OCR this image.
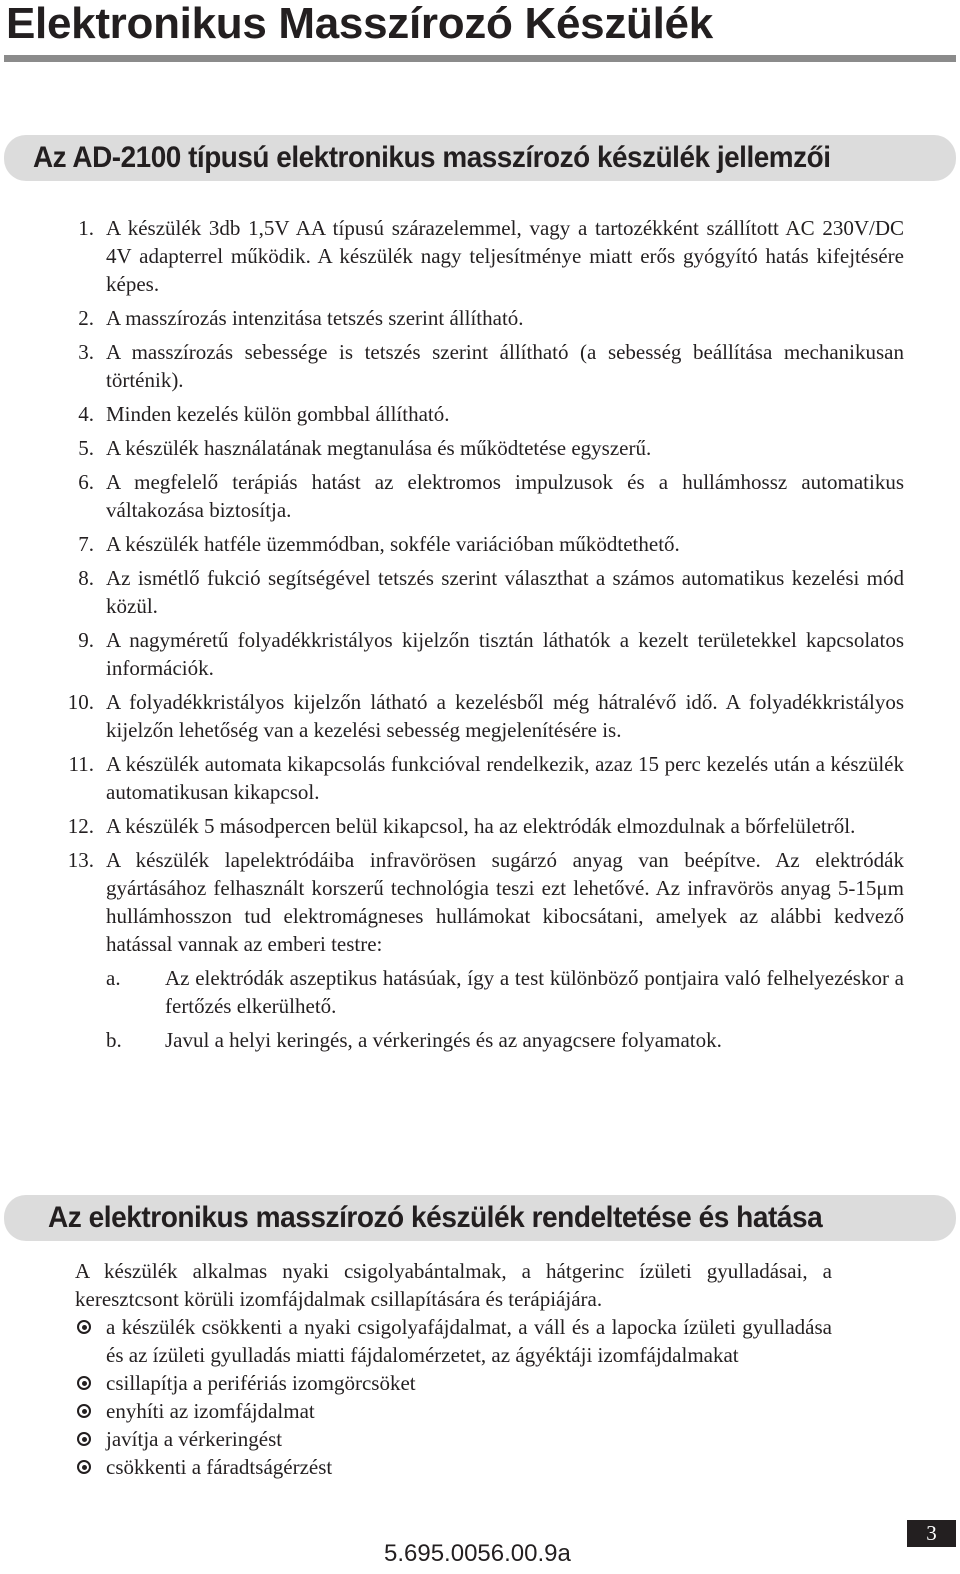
Elektronikus Masszírozó Készülék
Az AD-2100 típusú elektronikus masszírozó készülék jellemzői
1. A készülék 3db 1,5V AA típusú szárazelemmel, vagy a tartozékként szállított AC 230V/DC 4V adapterrel működik. A készülék nagy teljesítménye miatt erős gyógyító hatás kifejtésére képes.
2. A masszírozás intenzitása tetszés szerint állítható.
3. A masszírozás sebessége is tetszés szerint állítható (a sebesség beállítása mechanikusan történik).
4. Minden kezelés külön gombbal állítható.
5. A készülék használatának megtanulása és működtetése egyszerű.
6. A megfelelő terápiás hatást az elektromos impulzusok és a hullámhossz automatikus váltakozása biztosítja.
7. A készülék hatféle üzemmódban, sokféle variációban működtethető.
8. Az ismétlő fukció segítségével tetszés szerint választhat a számos automatikus kezelési mód közül.
9. A nagyméretű folyadékkristályos kijelzőn tisztán láthatók a kezelt területekkel kapcsolatos információk.
10. A folyadékkristályos kijelzőn látható a kezelésből még hátralévő idő. A folyadékkristályos kijelzőn lehetőség van a kezelési sebesség megjelenítésére is.
11. A készülék automata kikapcsolás funkcióval rendelkezik, azaz 15 perc kezelés után a készülék automatikusan kikapcsol.
12. A készülék 5 másodpercen belül kikapcsol, ha az elektródák elmozdulnak a bőrfelületről.
13. A készülék lapelektródáiba infravörösen sugárzó anyag van beépítve. Az elektródák gyártásához felhasznált korszerű technológia teszi ezt lehetővé. Az infravörös anyag 5-15μm hullámhosszon tud elektromágneses hullámokat kibocsátani, amelyek az alábbi kedvező hatással vannak az emberi testre:
a. Az elektródák aszeptikus hatásúak, így a test különböző pontjaira való felhelyezéskor a fertőzés elkerülhető.
b. Javul a helyi keringés, a vérkeringés és az anyagcsere folyamatok.
Az elektronikus masszírozó készülék rendeltetése és hatása
A készülék alkalmas nyaki csigolyabántalmak, a hátgerinc ízületi gyulladásai, a keresztcsont körüli izomfájdalmak csillapítására és terápiájára.
a készülék csökkenti a nyaki csigolyafájdalmat, a váll és a lapocka ízületi gyulladása és az ízületi gyulladás miatti fájdalomérzetet, az ágyéktáji izomfájdalmakat
csillapítja a perifériás izomgörcsöket
enyhíti az izomfájdalmat
javítja a vérkeringést
csökkenti a fáradtságérzést
5.695.0056.00.9a
3
